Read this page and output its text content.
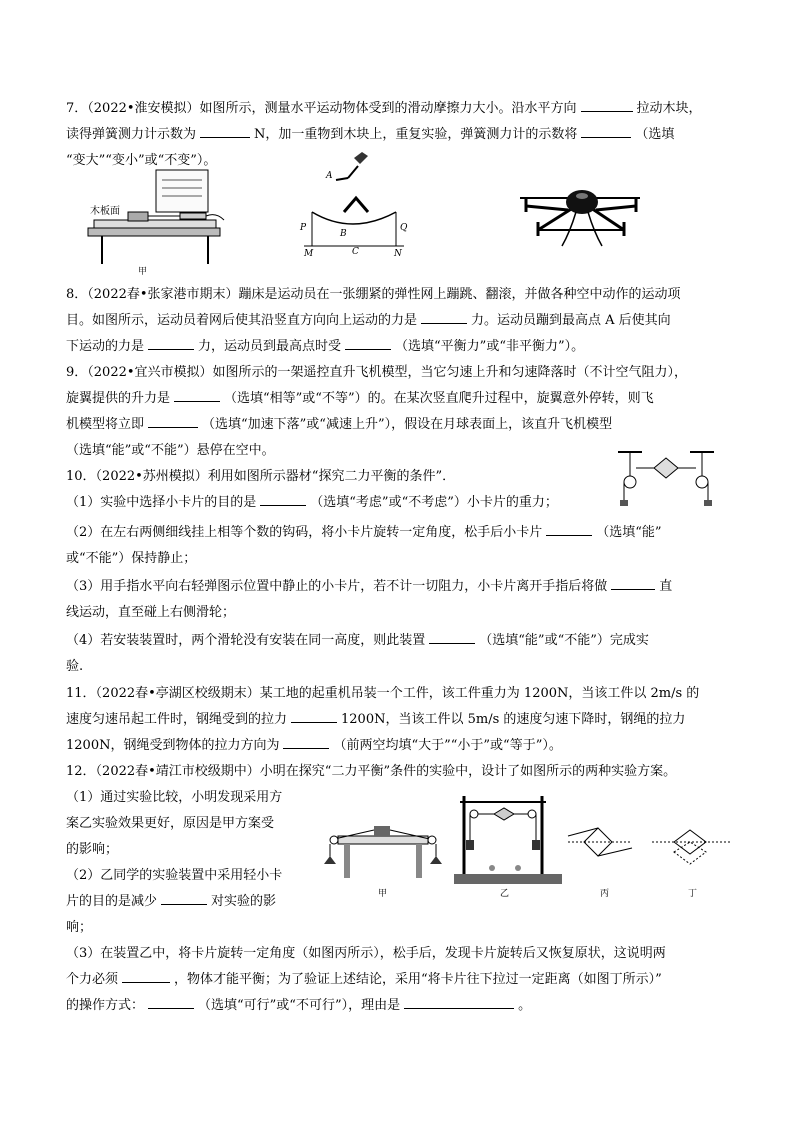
7．（2022•淮安模拟）如图所示，测量水平运动物体受到的滑动摩擦力大小。沿水平方向	拉动木块，
读得弹簧测力计示数为	N，加一重物到木块上，重复实验，弹簧测力计的示数将	（选填
“变大”“变小”或“不变”）。
木板面
甲
A
P
B
Q
M	C	N
8．（2022春•张家港市期末）蹦床是运动员在一张绷紧的弹性网上蹦跳、翻滚，并做各种空中动作的运动项
目。如图所示，运动员着网后使其沿竖直方向向上运动的力是	力。运动员蹦到最高点 A 后使其向
下运动的力是	力，运动员到最高点时受	（选填“平衡力”或“非平衡力”）。
9．（2022•宜兴市模拟）如图所示的一架遥控直升飞机模型，当它匀速上升和匀速降落时（不计空气阻力），
旋翼提供的升力是	（选填“相等”或“不等”）的。在某次竖直爬升过程中，旋翼意外停转，则飞
机模型将立即	（选填“加速下落”或“减速上升”），假设在月球表面上，该直升飞机模型
（选填“能”或“不能”）悬停在空中。
10．（2022•苏州模拟）利用如图所示器材“探究二力平衡的条件”．
（1）实验中选择小卡片的目的是	（选填“考虑”或“不考虑”）小卡片的重力；
（2）在左右两侧细线挂上相等个数的钩码，将小卡片旋转一定角度，松手后小卡片	（选填“能”
或“不能”）保持静止；
（3）用手指水平向右轻弹图示位置中静止的小卡片，若不计一切阻力，小卡片离开手指后将做	直
线运动，直至碰上右侧滑轮；
（4）若安装装置时，两个滑轮没有安装在同一高度，则此装置	（选填“能”或“不能”）完成实
验.
11．（2022春•亭湖区校级期末）某工地的起重机吊装一个工件，该工件重力为 1200N，当该工件以 2m/s 的
速度匀速吊起工件时，钢绳受到的拉力	1200N，当该工件以 5m/s 的速度匀速下降时，钢绳的拉力
1200N，钢绳受到物体的拉力方向为	（前两空均填“大于”“小于”或“等于”）。
12．（2022春•靖江市校级期中）小明在探究“二力平衡”条件的实验中，设计了如图所示的两种实验方案。
（1）通过实验比较，小明发现采用方
案乙实验效果更好，原因是甲方案受
的影响；
（2）乙同学的实验装置中采用轻小卡
片的目的是减少	对实验的影
响；
（3）在装置乙中，将卡片旋转一定角度（如图丙所示），松手后，发现卡片旋转后又恢复原状，这说明两
个力必须	，物体才能平衡；为了验证上述结论，采用“将卡片往下拉过一定距离（如图丁所示）”
的操作方式：	（选填“可行”或“不可行”），理由是	。
甲	乙	丙	丁
